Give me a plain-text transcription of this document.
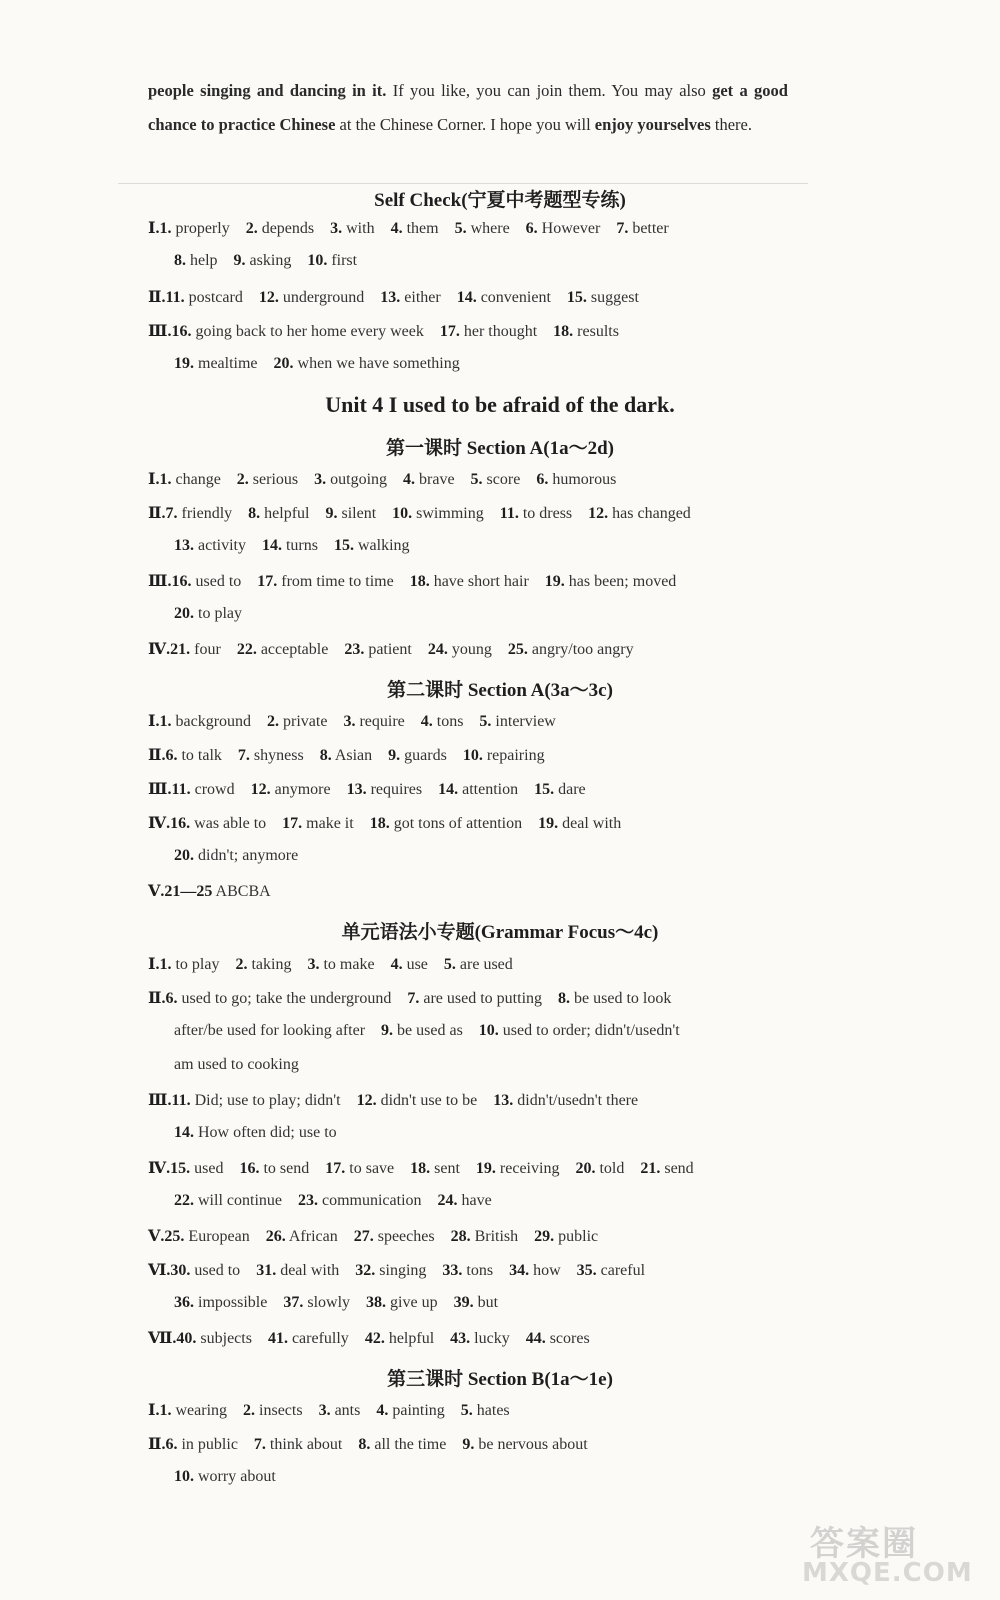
people singing and dancing in it. If you like, you can join them. You may also get a good chance to practice Chinese at the Chinese Corner. I hope you will enjoy yourselves there.
Self Check(宁夏中考题型专练)
Unit 4 I used to be afraid of the dark.
第一课时 Section A(1a～2d)
第二课时 Section A(3a～3c)
单元语法小专题(Grammar Focus～4c)
第三课时 Section B(1a～1e)
Ⅰ.1. properly 2. depends 3. with 4. them 5. where 6. However 7. better
8. help 9. asking 10. first
Ⅱ.11. postcard 12. underground 13. either 14. convenient 15. suggest
Ⅲ.16. going back to her home every week 17. her thought 18. results
19. mealtime 20. when we have something
Ⅰ.1. change 2. serious 3. outgoing 4. brave 5. score 6. humorous
Ⅱ.7. friendly 8. helpful 9. silent 10. swimming 11. to dress 12. has changed
13. activity 14. turns 15. walking
Ⅲ.16. used to 17. from time to time 18. have short hair 19. has been; moved
20. to play
Ⅳ.21. four 22. acceptable 23. patient 24. young 25. angry/too angry
Ⅰ.1. background 2. private 3. require 4. tons 5. interview
Ⅱ.6. to talk 7. shyness 8. Asian 9. guards 10. repairing
Ⅲ.11. crowd 12. anymore 13. requires 14. attention 15. dare
Ⅳ.16. was able to 17. make it 18. got tons of attention 19. deal with
20. didn't; anymore
Ⅴ.21—25 ABCBA
Ⅰ.1. to play 2. taking 3. to make 4. use 5. are used
Ⅱ.6. used to go; take the underground 7. are used to putting 8. be used to look
after/be used for looking after 9. be used as 10. used to order; didn't/usedn't
am used to cooking
Ⅲ.11. Did; use to play; didn't 12. didn't use to be 13. didn't/usedn't there
14. How often did; use to
Ⅳ.15. used 16. to send 17. to save 18. sent 19. receiving 20. told 21. send
22. will continue 23. communication 24. have
Ⅴ.25. European 26. African 27. speeches 28. British 29. public
Ⅵ.30. used to 31. deal with 32. singing 33. tons 34. how 35. careful
36. impossible 37. slowly 38. give up 39. but
Ⅶ.40. subjects 41. carefully 42. helpful 43. lucky 44. scores
Ⅰ.1. wearing 2. insects 3. ants 4. painting 5. hates
Ⅱ.6. in public 7. think about 8. all the time 9. be nervous about
10. worry about
答案圈
MXQE.COM
